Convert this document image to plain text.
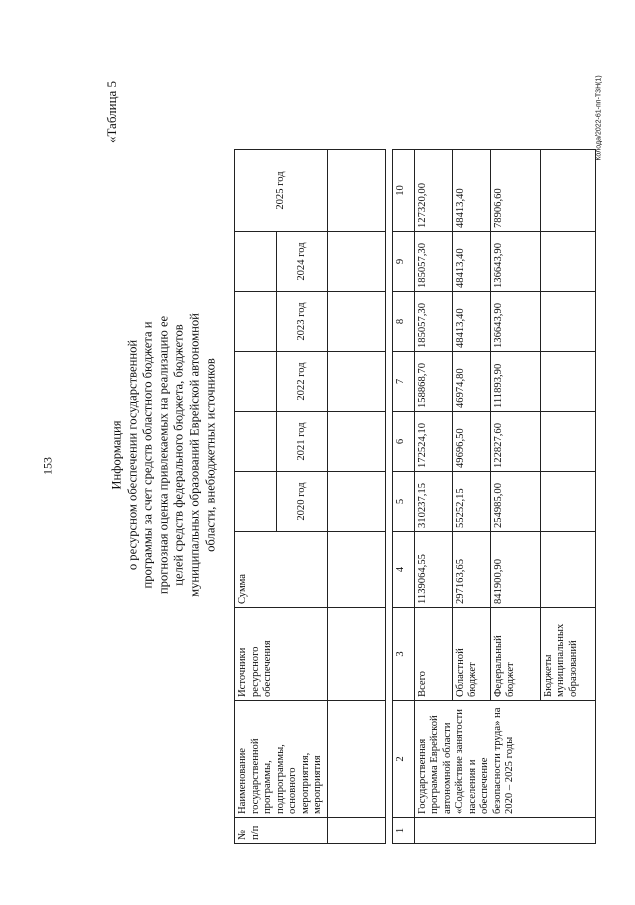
153
«Таблица 5	Колода/2022-61-пп-Т3Н(1)
Информация о ресурсном обеспечении государственной программы за счет средств областного бюджета и прогнозная оценка привлекаемых на реализацию ее целей средств федерального бюджета, бюджетов муниципальных образований Еврейской автономной области, внебюджетных источников
№ п/п	Наименование государственной программы, подпрограммы, основного мероприятия, мероприятия	Источники ресурсного обеспечения	Сумма						2025 год
				2020 год	2021 год	2022 год	2023 год	2024 год	

1	2	3	4	5	6	7	8	9	10
	Государственная программа Еврейской автономной области «Содействие занятости населения и обеспечение безопасности труда» на 2020 – 2025 годы	Всего	1139064,55	310237,15	172524,10	158868,70	185057,30	185057,30	127320,00
		Областной бюджет	297163,65	55252,15	49696,50	46974,80	48413,40	48413,40	48413,40
		Федеральный бюджет	841900,90	254985,00	122827,60	111893,90	136643,90	136643,90	78906,60
		Бюджеты муниципальных образований							
